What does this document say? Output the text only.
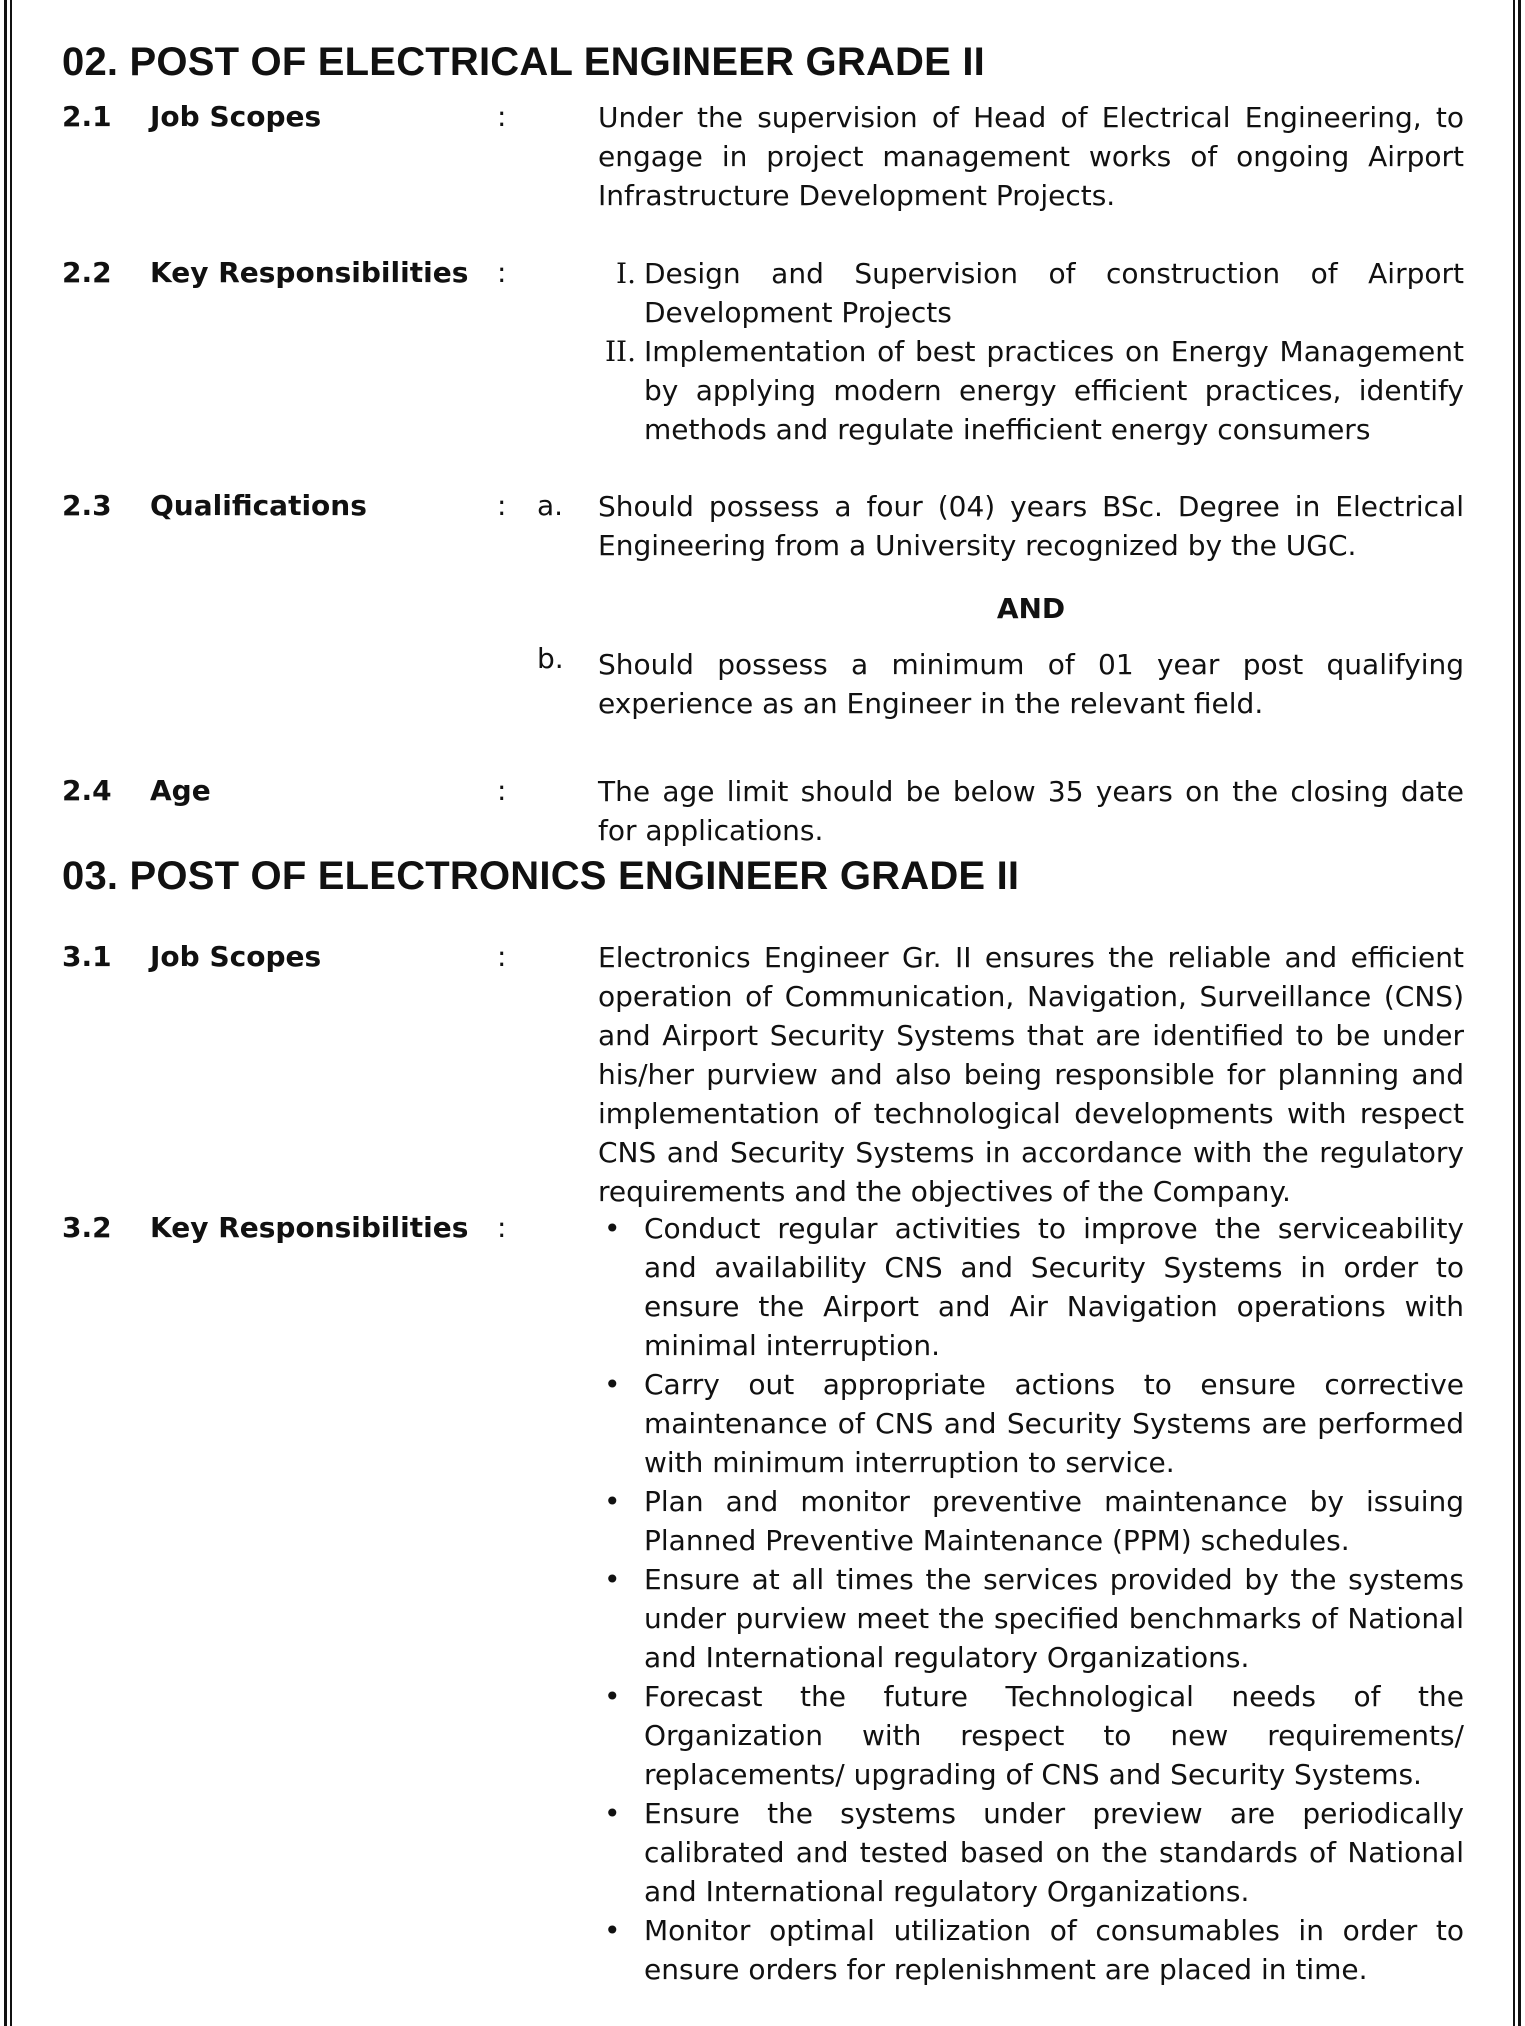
02. POST OF ELECTRICAL ENGINEER GRADE II
2.1 Job Scopes	:	Under the supervision of Head of Electrical Engineering, to engage in project management works of ongoing Airport Infrastructure Development Projects.

2.2 Key Responsibilities :	I. Design and Supervision of construction of Airport Development Projects
II. Implementation of best practices on Energy Management by applying modern energy efficient practices, identify methods and regulate inefficient energy consumers
2.3 Qualifications	: a. Should possess a four (04) years BSc. Degree in Electrical Engineering from a University recognized by the UGC.

AND
b. Should possess a minimum of 01 year post qualifying experience as an Engineer in the relevant field.

2.4 Age	:	The age limit should be below 35 years on the closing date for applications.

03. POST OF ELECTRONICS ENGINEER GRADE II
3.1 Job Scopes	:	Electronics Engineer Gr. II ensures the reliable and efficient operation of Communication, Navigation, Surveillance (CNS) and Airport Security Systems that are identified to be under his/her purview and also being responsible for planning and implementation of technological developments with respect CNS and Security Systems in accordance with the regulatory requirements and the objectives of the Company.

3.2 Key Responsibilities :	• Conduct regular activities to improve the serviceability and availability CNS and Security Systems in order to ensure the Airport and Air Navigation operations with minimal interruption.
• Carry out appropriate actions to ensure corrective maintenance of CNS and Security Systems are performed with minimum interruption to service.
• Plan and monitor preventive maintenance by issuing Planned Preventive Maintenance (PPM) schedules.
• Ensure at all times the services provided by the systems under purview meet the specified benchmarks of National and International regulatory Organizations.
• Forecast the future Technological needs of the Organization with respect to new requirements/ replacements/ upgrading of CNS and Security Systems.
• Ensure the systems under preview are periodically calibrated and tested based on the standards of National and International regulatory Organizations.
• Monitor optimal utilization of consumables in order to ensure orders for replenishment are placed in time.
